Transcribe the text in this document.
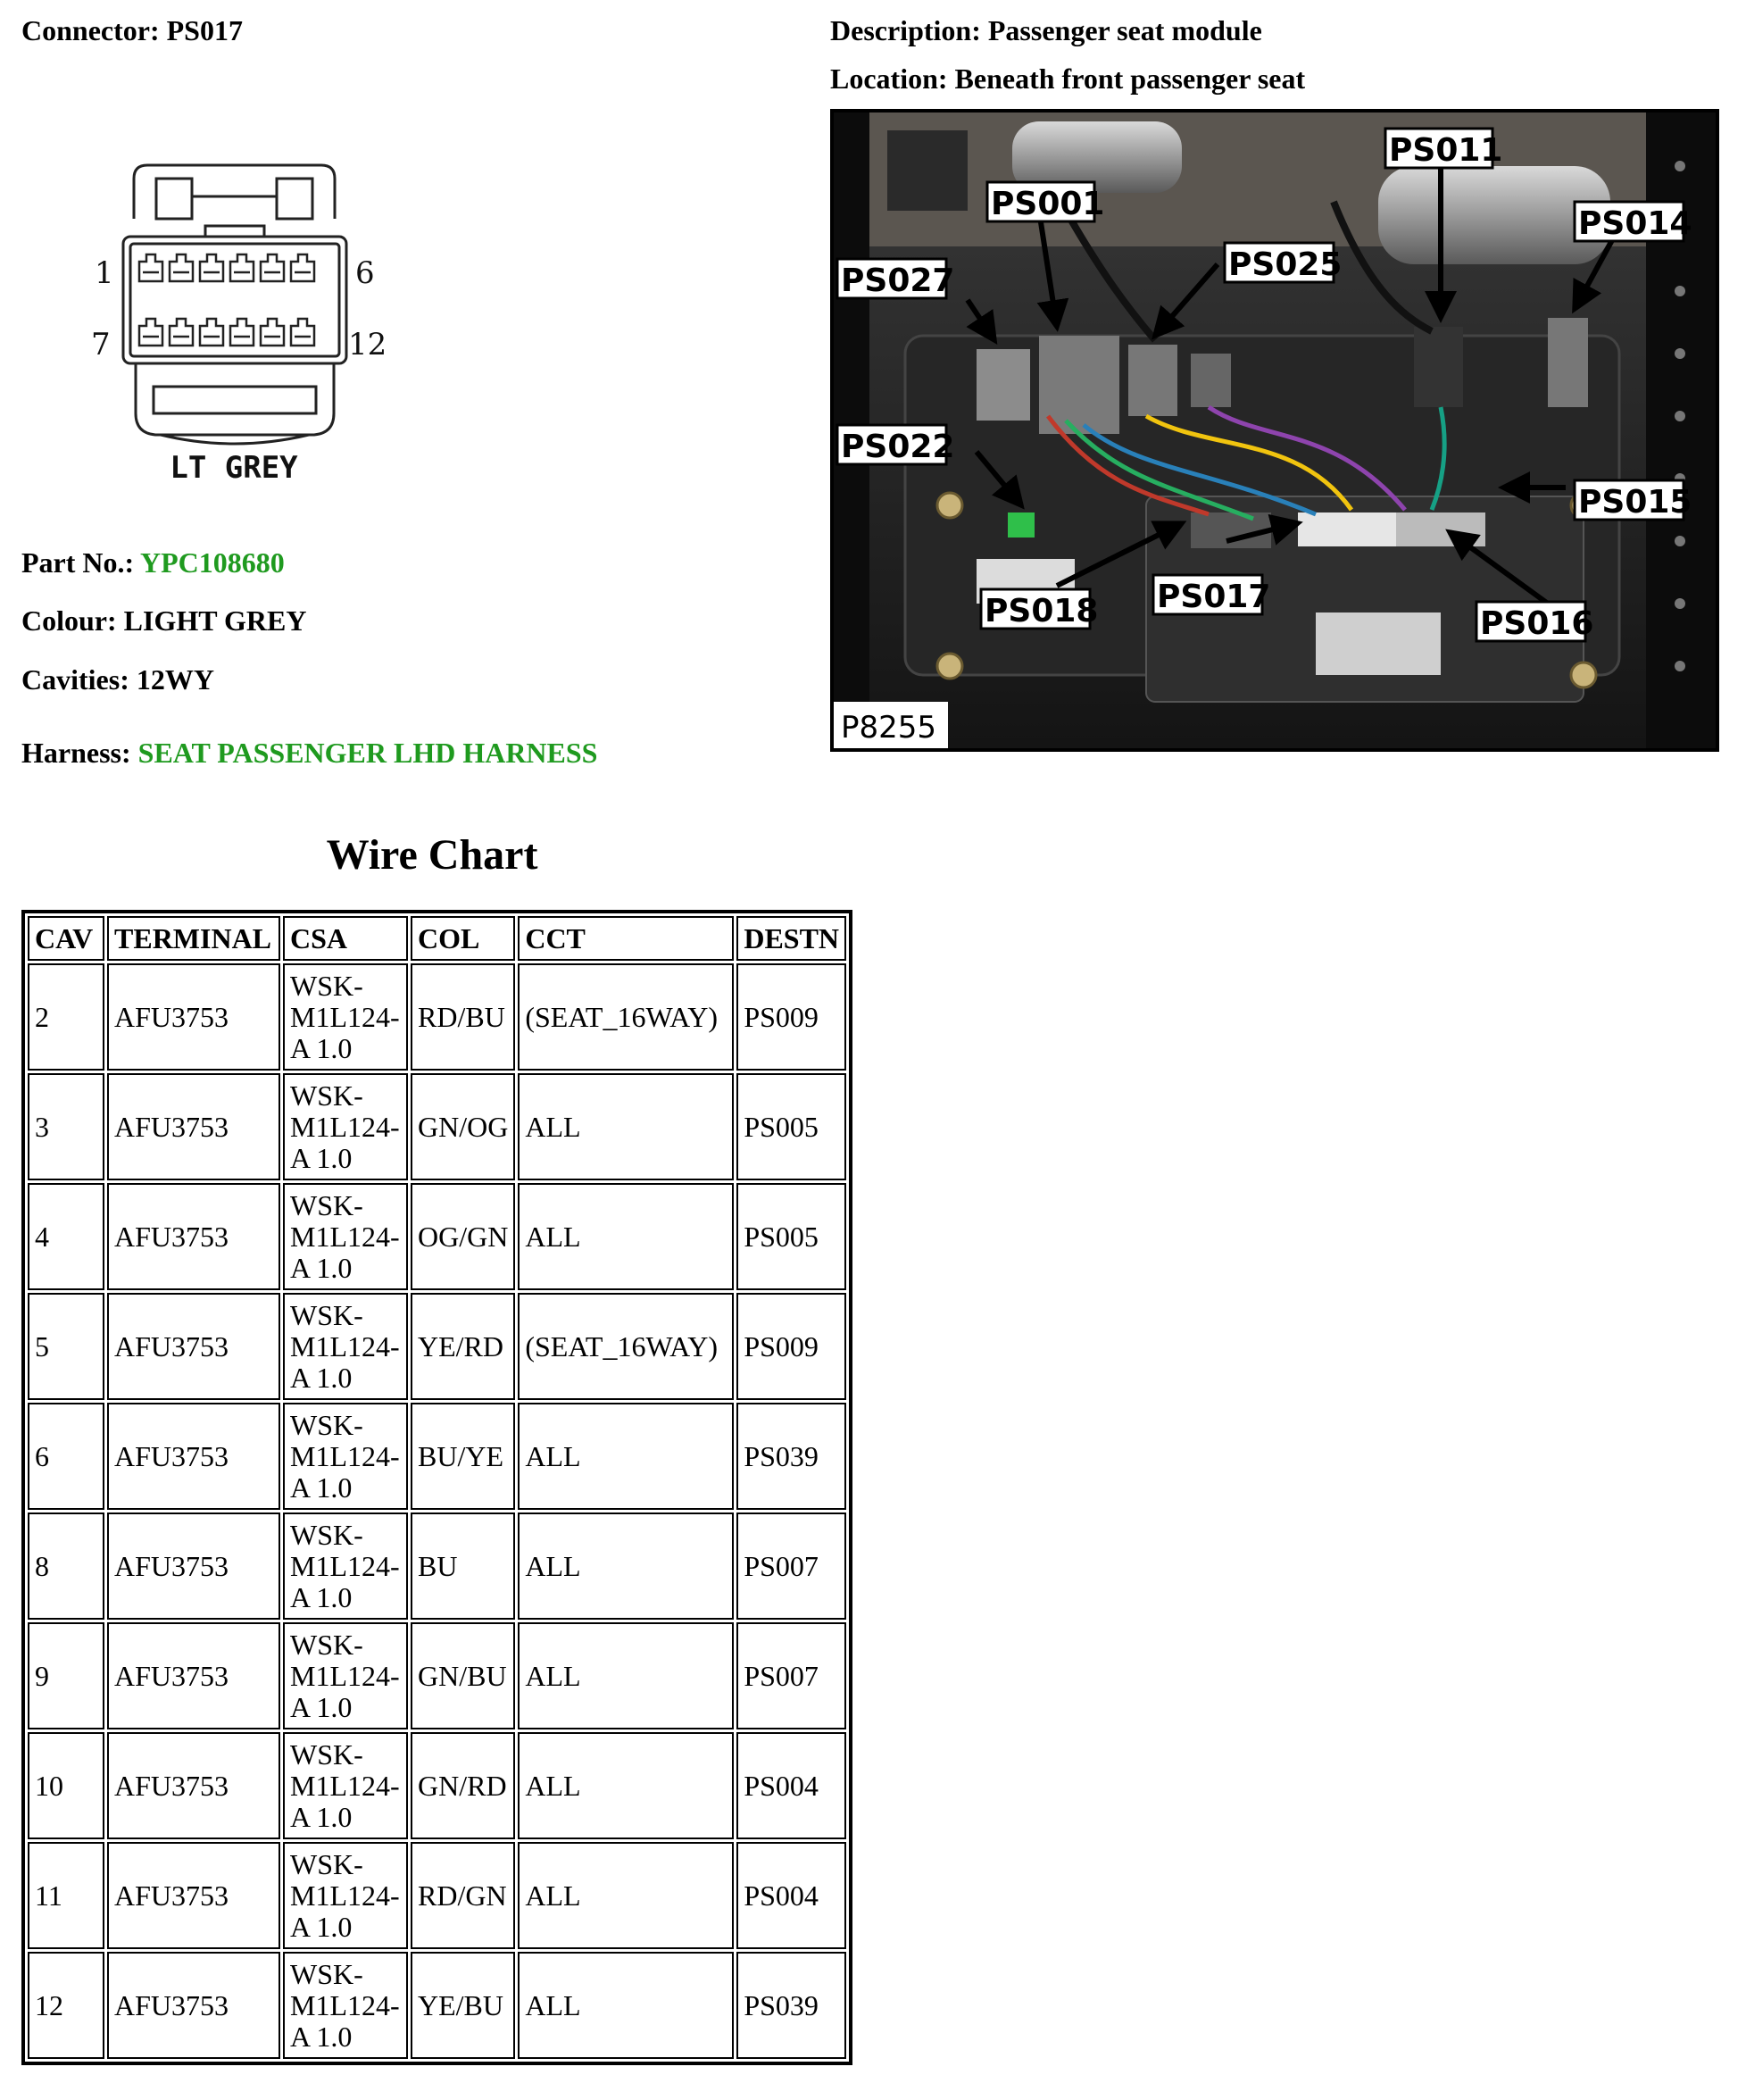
Connector: PS017	Description: Passenger seat module
Location: Beneath front passenger seat
1	6
7	12
LT GREY
Part No.: YPC108680
Colour: LIGHT GREY
Cavities: 12WY
Harness: SEAT PASSENGER LHD HARNESS
PS011
PS001
PS014
PS025
PS027
PS022
PS015
PS017
PS018	PS016
P8255
Wire Chart
CAV	TERMINAL	CSA	COL	CCT	DESTN
2	AFU3753	WSK-M1L124-A 1.0	RD/BU	(SEAT_16WAY)	PS009
3	AFU3753	WSK-M1L124-A 1.0	GN/OG	ALL	PS005
4	AFU3753	WSK-M1L124-A 1.0	OG/GN	ALL	PS005
5	AFU3753	WSK-M1L124-A 1.0	YE/RD	(SEAT_16WAY)	PS009
6	AFU3753	WSK-M1L124-A 1.0	BU/YE	ALL	PS039
8	AFU3753	WSK-M1L124-A 1.0	BU	ALL	PS007
9	AFU3753	WSK-M1L124-A 1.0	GN/BU	ALL	PS007
10	AFU3753	WSK-M1L124-A 1.0	GN/RD	ALL	PS004
11	AFU3753	WSK-M1L124-A 1.0	RD/GN	ALL	PS004
12	AFU3753	WSK-M1L124-A 1.0	YE/BU	ALL	PS039
